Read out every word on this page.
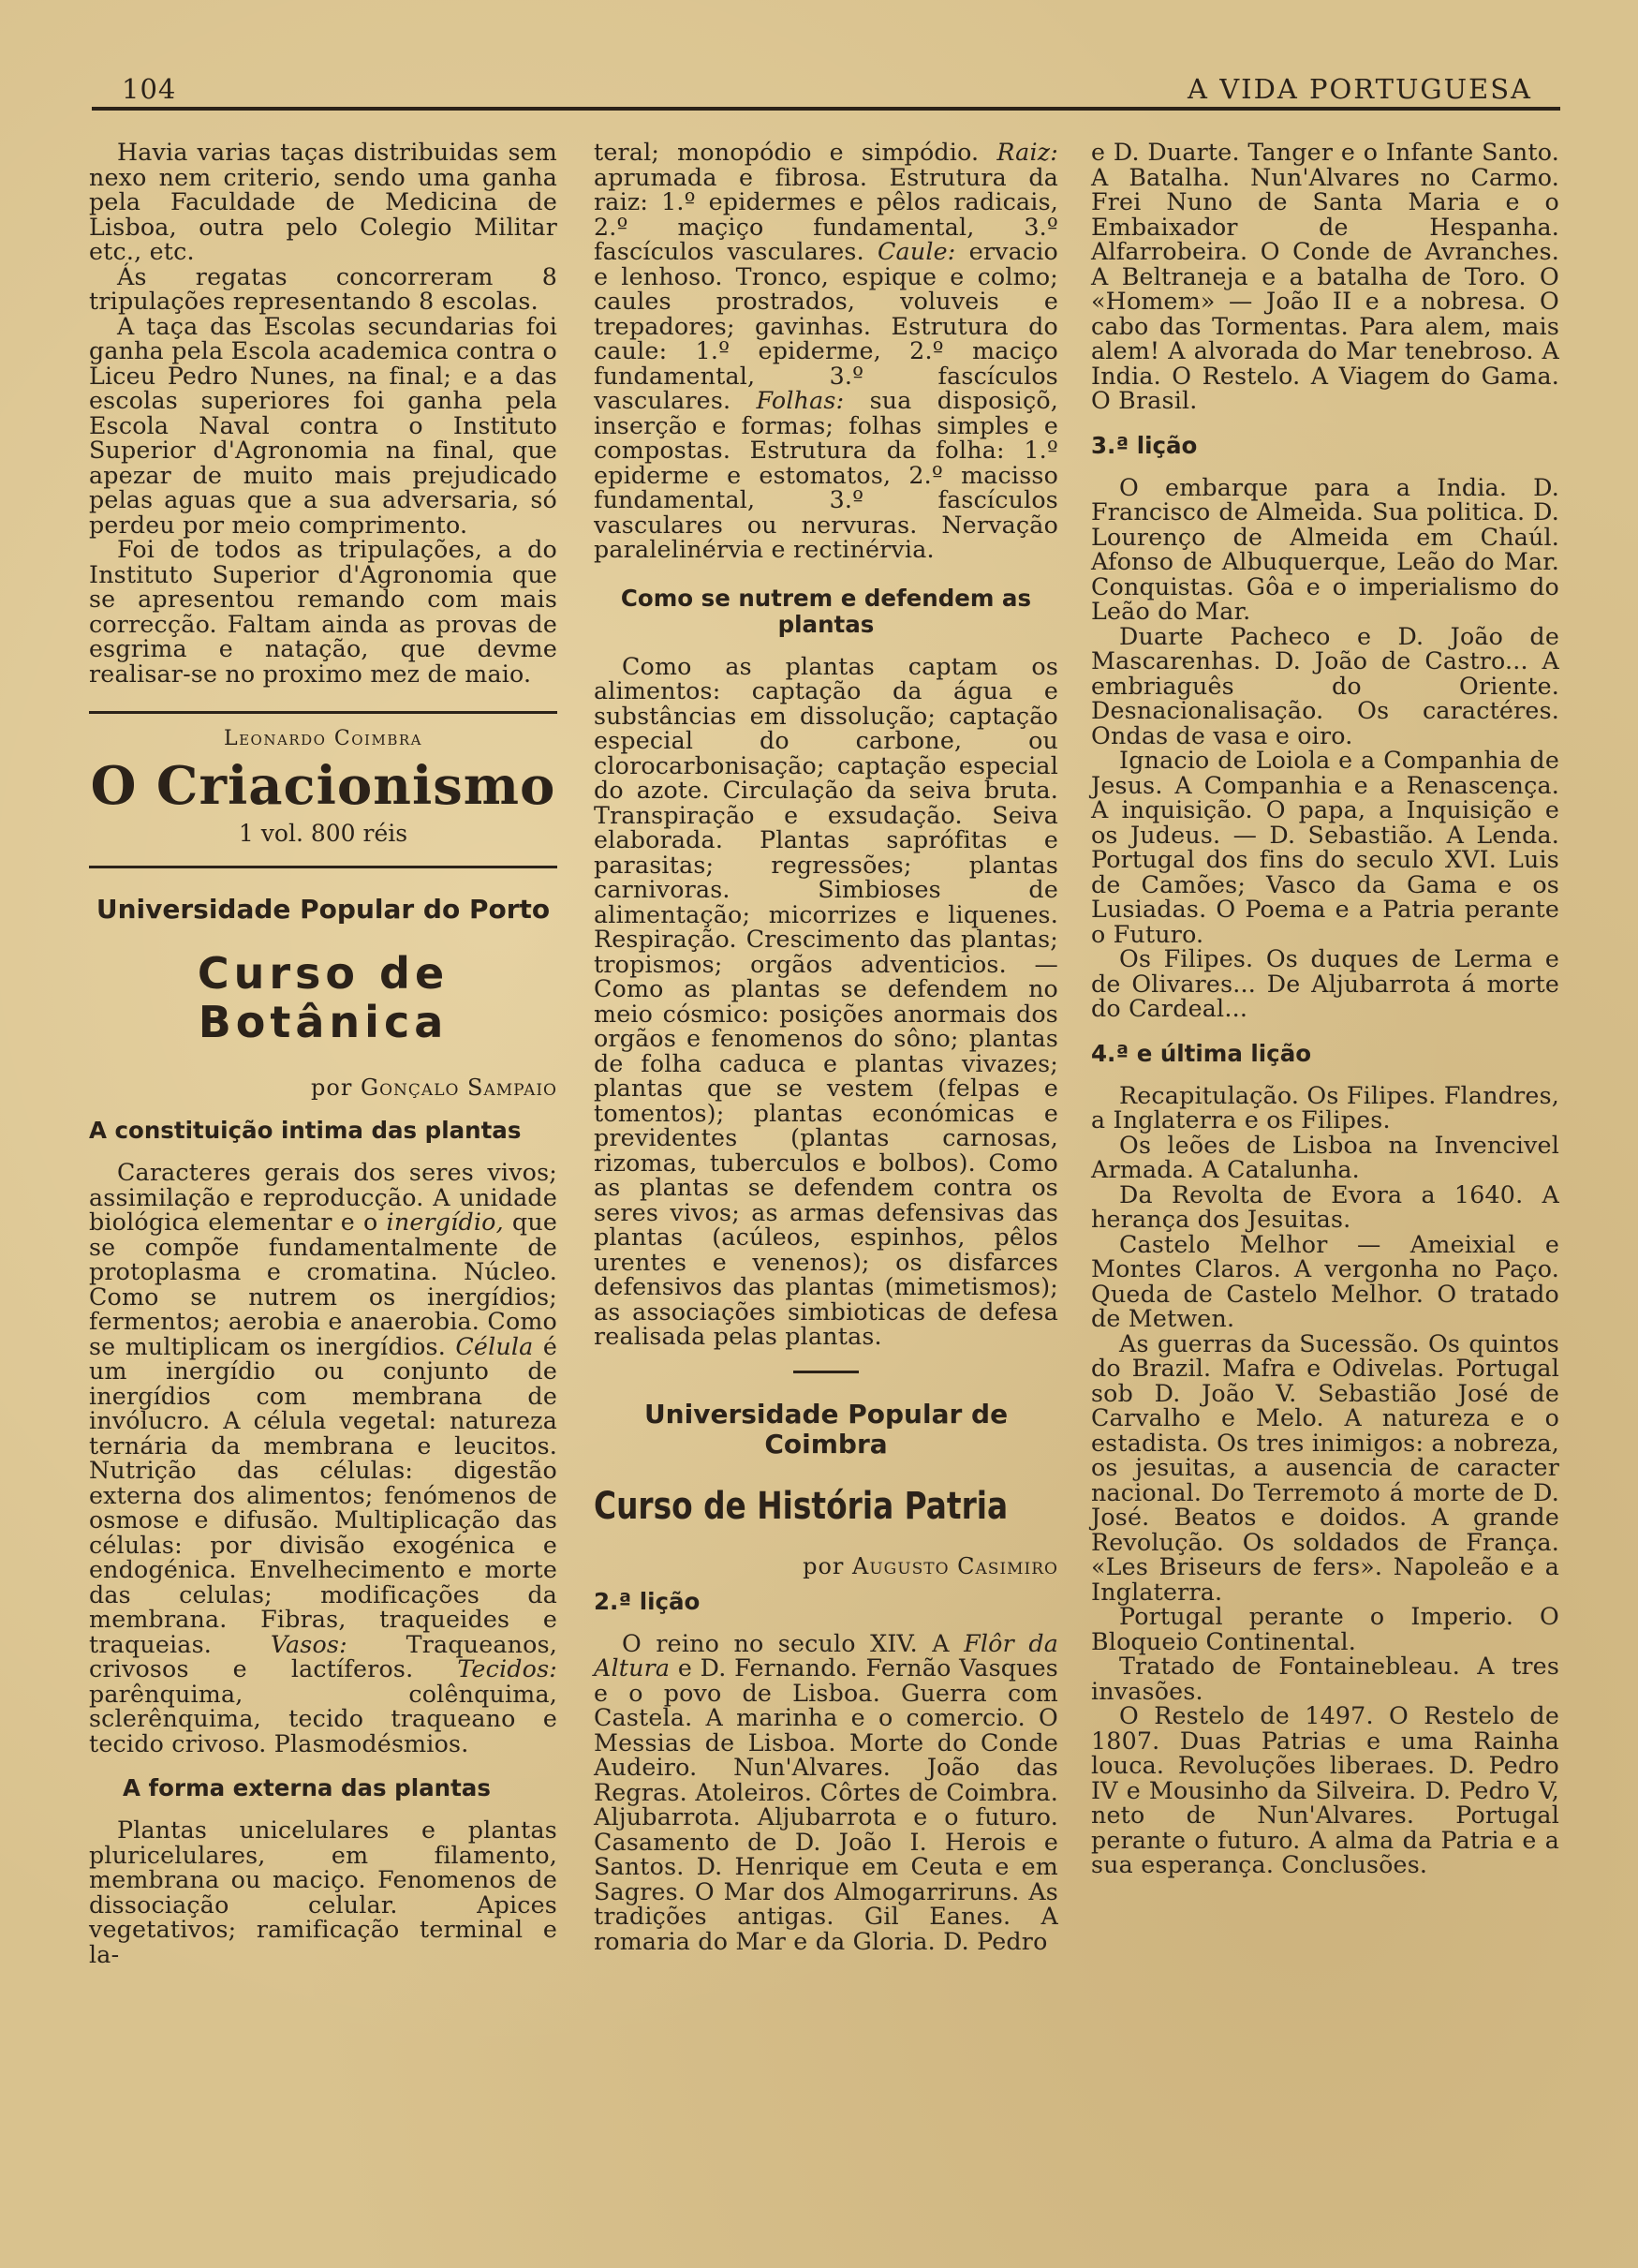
104	A VIDA PORTUGUESA

Havia varias taças distribuidas sem nexo nem criterio, sendo uma ganha pela Faculdade de Medicina de Lisboa, outra pelo Colegio Militar etc., etc.

Ás regatas concorreram 8 tripulações representando 8 escolas.

A taça das Escolas secundarias foi ganha pela Escola academica contra o Liceu Pedro Nunes, na final; e a das escolas superiores foi ganha pela Escola Naval contra o Instituto Superior d'Agronomia na final, que apezar de muito mais prejudicado pelas aguas que a sua adversaria, só perdeu por meio comprimento.

Foi de todos as tripulações, a do Instituto Superior d'Agronomia que se apresentou remando com mais correcção. Faltam ainda as provas de esgrima e natação, que devme realisar-se no proximo mez de maio.

Leonardo Coimbra
O Criacionismo
1 vol. 800 réis
Universidade Popular do Porto
Curso de Botânica
por Gonçalo Sampaio
A constituição intima das plantas

Caracteres gerais dos seres vivos; assimilação e reproducção. A unidade biológica elementar e o inergídio, que se compõe fundamentalmente de protoplasma e cromatina. Núcleo. Como se nutrem os inergídios; fermentos; aerobia e anaerobia. Como se multiplicam os inergídios. Célula é um inergídio ou conjunto de inergídios com membrana de invólucro. A célula vegetal: natureza ternária da membrana e leucitos. Nutrição das células: digestão externa dos alimentos; fenómenos de osmose e difusão. Multiplicação das células: por divisão exogénica e endogénica. Envelhecimento e morte das celulas; modificações da membrana. Fibras, traqueides e traqueias. Vasos: Traqueanos, crivosos e lactíferos. Tecidos: parênquima, colênquima, sclerênquima, tecido traqueano e tecido crivoso. Plasmodésmios.

A forma externa das plantas

Plantas unicelulares e plantas pluricelulares, em filamento, membrana ou maciço. Fenomenos de dissociação celular. Apices vegetativos; ramificação terminal e la-

teral; monopódio e simpódio. Raiz: aprumada e fibrosa. Estrutura da raiz: 1.º epidermes e pêlos radicais, 2.º maçiço fundamental, 3.º fascículos vasculares. Caule: ervacio e lenhoso. Tronco, espique e colmo; caules prostrados, voluveis e trepadores; gavinhas. Estrutura do caule: 1.º epiderme, 2.º maciço fundamental, 3.º fascículos vasculares. Folhas: sua disposiçõ, inserção e formas; folhas simples e compostas. Estrutura da folha: 1.º epiderme e estomatos, 2.º macisso fundamental, 3.º fascículos vasculares ou nervuras. Nervação paralelinérvia e rectinérvia.

Como se nutrem e defendem as plantas

Como as plantas captam os alimentos: captação da água e substâncias em dissolução; captação especial do carbone, ou clorocarbonisação; captação especial do azote. Circulação da seiva bruta. Transpiração e exsudação. Seiva elaborada. Plantas saprófitas e parasitas; regressões; plantas carnivoras. Simbioses de alimentação; micorrizes e liquenes. Respiração. Crescimento das plantas; tropismos; orgãos adventicios. — Como as plantas se defendem no meio cósmico: posições anormais dos orgãos e fenomenos do sôno; plantas de folha caduca e plantas vivazes; plantas que se vestem (felpas e tomentos); plantas económicas e previdentes (plantas carnosas, rizomas, tuberculos e bolbos). Como as plantas se defendem contra os seres vivos; as armas defensivas das plantas (acúleos, espinhos, pêlos urentes e venenos); os disfarces defensivos das plantas (mimetismos); as associações simbioticas de defesa realisada pelas plantas.

Universidade Popular de Coimbra
Curso de História Patria
por Augusto Casimiro
2.ª lição

O reino no seculo XIV. A Flôr da Altura e D. Fernando. Fernão Vasques e o povo de Lisboa. Guerra com Castela. A marinha e o comercio. O Messias de Lisboa. Morte do Conde Audeiro. Nun'Alvares. João das Regras. Atoleiros. Côrtes de Coimbra. Aljubarrota. Aljubarrota e o futuro. Casamento de D. João I. Herois e Santos. D. Henrique em Ceuta e em Sagres. O Mar dos Almogarriruns. As tradições antigas. Gil Eanes. A romaria do Mar e da Gloria. D. Pedro

e D. Duarte. Tanger e o Infante Santo. A Batalha. Nun'Alvares no Carmo. Frei Nuno de Santa Maria e o Embaixador de Hespanha. Alfarrobeira. O Conde de Avranches. A Beltraneja e a batalha de Toro. O «Homem» — João II e a nobresa. O cabo das Tormentas. Para alem, mais alem! A alvorada do Mar tenebroso. A India. O Restelo. A Viagem do Gama. O Brasil.

3.ª lição

O embarque para a India. D. Francisco de Almeida. Sua politica. D. Lourenço de Almeida em Chaúl. Afonso de Albuquerque, Leão do Mar. Conquistas. Gôa e o imperialismo do Leão do Mar.

Duarte Pacheco e D. João de Mascarenhas. D. João de Castro... A embriaguês do Oriente. Desnacionalisação. Os caractéres. Ondas de vasa e oiro.

Ignacio de Loiola e a Companhia de Jesus. A Companhia e a Renascença. A inquisição. O papa, a Inquisição e os Judeus. — D. Sebastião. A Lenda. Portugal dos fins do seculo XVI. Luis de Camões; Vasco da Gama e os Lusiadas. O Poema e a Patria perante o Futuro.

Os Filipes. Os duques de Lerma e de Olivares... De Aljubarrota á morte do Cardeal...

4.ª e última lição

Recapitulação. Os Filipes. Flandres, a Inglaterra e os Filipes.

Os leões de Lisboa na Invencivel Armada. A Catalunha.

Da Revolta de Evora a 1640. A herança dos Jesuitas.

Castelo Melhor — Ameixial e Montes Claros. A vergonha no Paço. Queda de Castelo Melhor. O tratado de Metwen.

As guerras da Sucessão. Os quintos do Brazil. Mafra e Odivelas. Portugal sob D. João V. Sebastião José de Carvalho e Melo. A natureza e o estadista. Os tres inimigos: a nobreza, os jesuitas, a ausencia de caracter nacional. Do Terremoto á morte de D. José. Beatos e doidos. A grande Revolução. Os soldados de França. «Les Briseurs de fers». Napoleão e a Inglaterra.

Portugal perante o Imperio. O Bloqueio Continental.

Tratado de Fontainebleau. A tres invasões.

O Restelo de 1497. O Restelo de 1807. Duas Patrias e uma Rainha louca. Revoluções liberaes. D. Pedro IV e Mousinho da Silveira. D. Pedro V, neto de Nun'Alvares. Portugal perante o futuro. A alma da Patria e a sua esperança. Conclusões.
